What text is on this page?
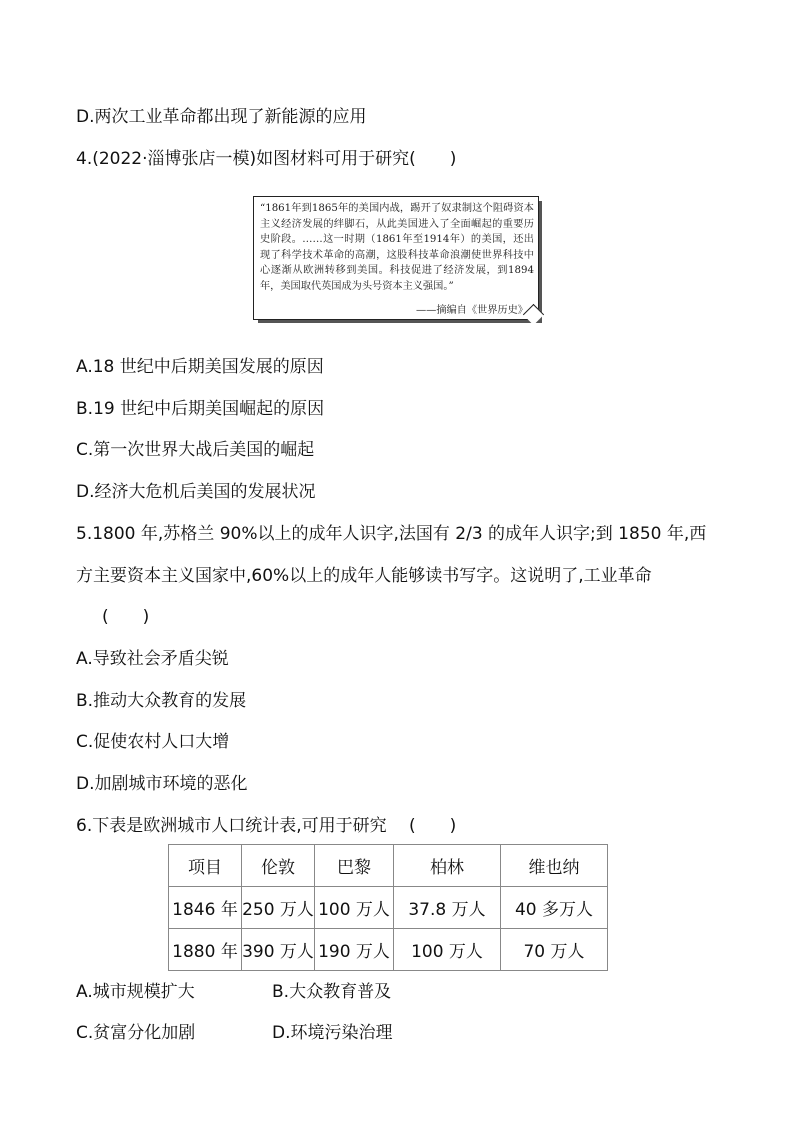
D.两次工业革命都出现了新能源的应用
4.(2022·淄博张店一模)如图材料可用于研究(　　)
“1861年到1865年的美国内战，踢开了奴隶制这个阻碍资本主义经济发展的绊脚石，从此美国进入了全面崛起的重要历史阶段。……这一时期（1861年至1914年）的美国，还出现了科学技术革命的高潮，这股科技革命浪潮使世界科技中心逐渐从欧洲转移到美国。科技促进了经济发展，到1894年，美国取代英国成为头号资本主义强国。”
——摘编自《世界历史》
A.18 世纪中后期美国发展的原因
B.19 世纪中后期美国崛起的原因
C.第一次世界大战后美国的崛起
D.经济大危机后美国的发展状况
5.1800 年,苏格兰 90%以上的成年人识字,法国有 2/3 的成年人识字;到 1850 年,西
方主要资本主义国家中,60%以上的成年人能够读书写字。这说明了,工业革命
(　　)
A.导致社会矛盾尖锐
B.推动大众教育的发展
C.促使农村人口大增
D.加剧城市环境的恶化
6.下表是欧洲城市人口统计表,可用于研究　 (　　)
项目	伦敦	巴黎	柏林	维也纳
1846 年	250 万人	100 万人	37.8 万人	40 多万人
1880 年	390 万人	190 万人	100 万人	70 万人
A.城市规模扩大	B.大众教育普及
C.贫富分化加剧	D.环境污染治理
